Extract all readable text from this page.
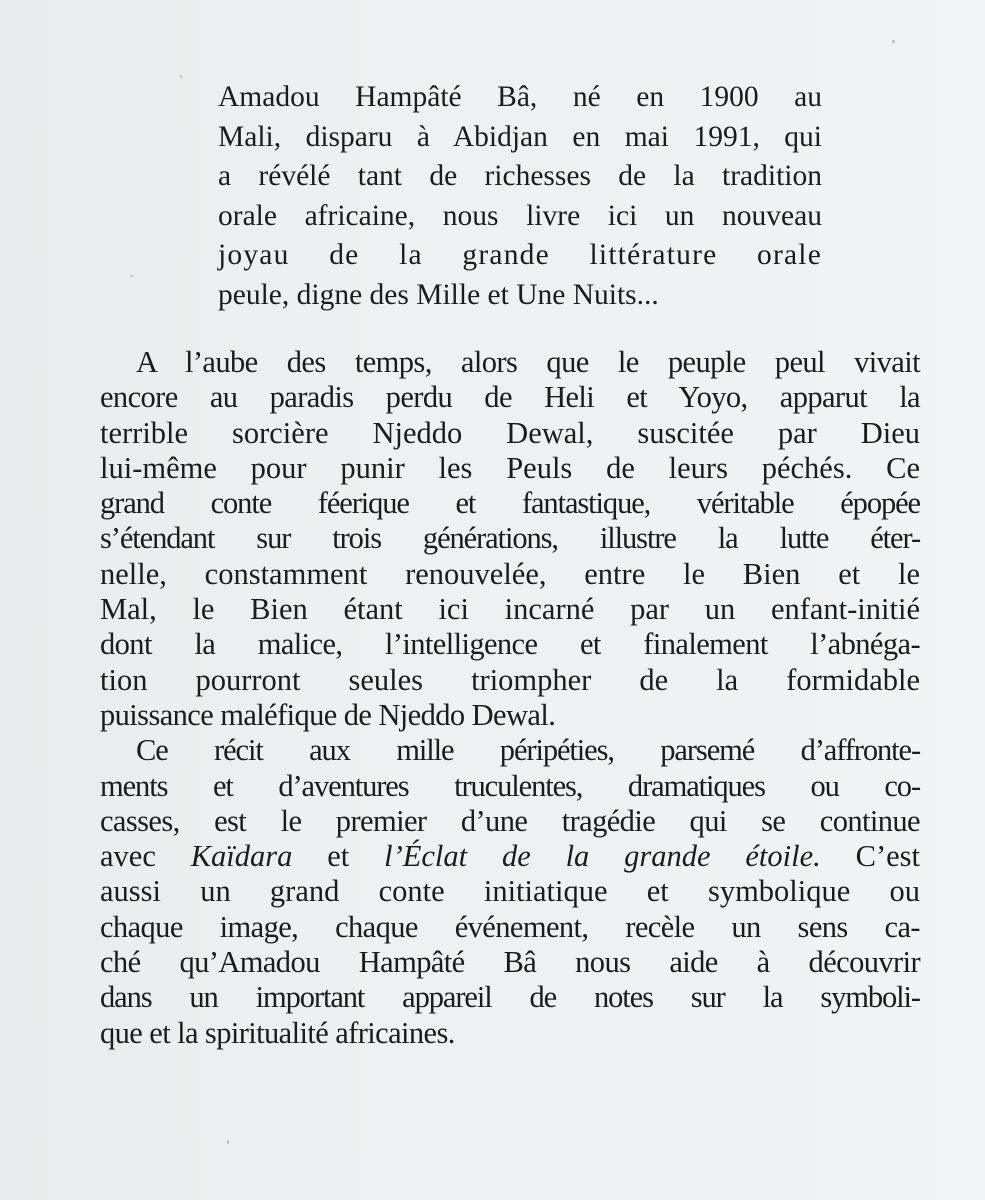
Amadou Hampâté Bâ, né en 1900 au
Mali, disparu à Abidjan en mai 1991, qui
a révélé tant de richesses de la tradition
orale africaine, nous livre ici un nouveau
joyau de la grande littérature orale
peule, digne des Mille et Une Nuits...
A l’aube des temps, alors que le peuple peul vivait
encore au paradis perdu de Heli et Yoyo, apparut la
terrible sorcière Njeddo Dewal, suscitée par Dieu
lui-même pour punir les Peuls de leurs péchés. Ce
grand conte féerique et fantastique, véritable épopée
s’étendant sur trois générations, illustre la lutte éter-
nelle, constamment renouvelée, entre le Bien et le
Mal, le Bien étant ici incarné par un enfant-initié
dont la malice, l’intelligence et finalement l’abnéga-
tion pourront seules triompher de la formidable
puissance maléfique de Njeddo Dewal.
Ce récit aux mille péripéties, parsemé d’affronte-
ments et d’aventures truculentes, dramatiques ou co-
casses, est le premier d’une tragédie qui se continue
avec Kaïdara et l’Éclat de la grande étoile. C’est
aussi un grand conte initiatique et symbolique ou
chaque image, chaque événement, recèle un sens ca-
ché qu’Amadou Hampâté Bâ nous aide à découvrir
dans un important appareil de notes sur la symboli-
que et la spiritualité africaines.
